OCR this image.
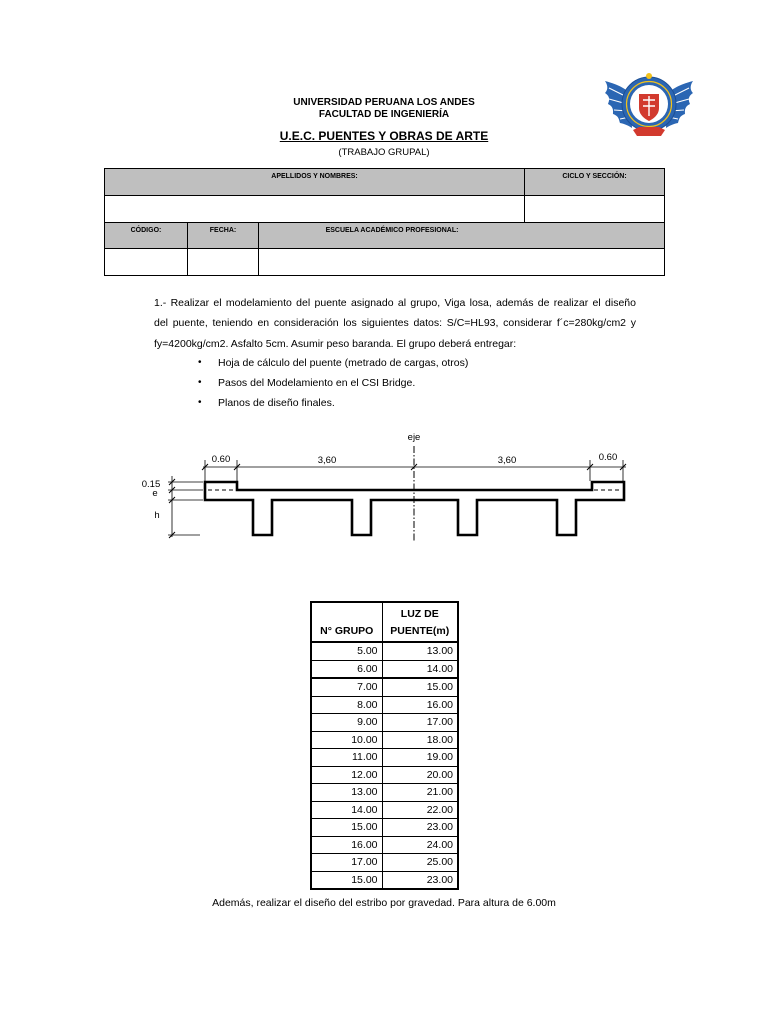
UNIVERSIDAD PERUANA LOS ANDES
FACULTAD DE INGENIERÍA
U.E.C. PUENTES Y OBRAS DE ARTE
(TRABAJO GRUPAL)
APELLIDOS Y NOMBRES:			CICLO Y SECCIÓN:

CÓDIGO:	FECHA:	ESCUELA ACADÉMICO PROFESIONAL:	

1.- Realizar el modelamiento del puente asignado al grupo, Viga losa, además de realizar el diseño
del puente, teniendo en consideración los siguientes datos: S/C=HL93, considerar f´c=280kg/cm2 y
fy=4200kg/cm2. Asfalto 5cm. Asumir peso baranda. El grupo deberá entregar:
• Hoja de cálculo del puente (metrado de cargas, otros)
• Pasos del Modelamiento en el CSI Bridge.
• Planos de diseño finales.
eje
0.60	3,60	3,60	0.60
0.15
e
h
N° GRUPO	LUZ DE
PUENTE(m)
5.00	13.00
6.00	14.00
7.00	15.00
8.00	16.00
9.00	17.00
10.00	18.00
11.00	19.00
12.00	20.00
13.00	21.00
14.00	22.00
15.00	23.00
16.00	24.00
17.00	25.00
15.00	23.00
Además, realizar el diseño del estribo por gravedad. Para altura de 6.00m
